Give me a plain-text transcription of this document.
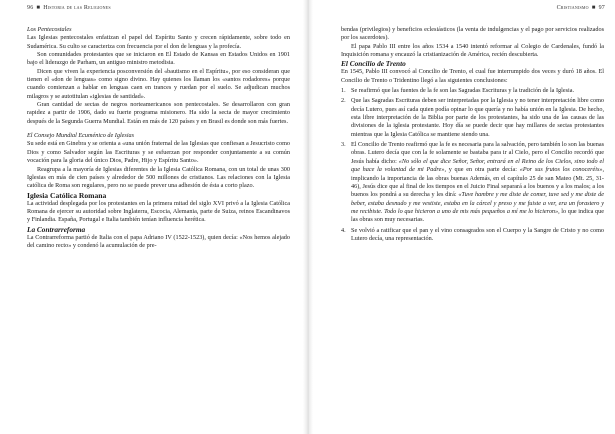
96 ■ Historia de las Religiones

Los Pentecostales

Las Iglesias pentecostales enfatizan el papel del Espíritu Santo y crecen rápidamente, sobre todo en Sudamérica. Su culto se caracteriza con frecuencia por el don de lenguas y la profecía.

Son comunidades protestantes que se iniciaron en El Estado de Kansas en Estados Unidos en 1901 bajo el liderazgo de Parham, un antiguo ministro metodista.

Dicen que viven la experiencia posconversión del «bautismo en el Espíritu», por eso consideran que tienen el «don de lenguas» como signo divino. Hay quienes los llaman los «santos rodadores» porque cuando comienzan a hablar en lenguas caen en trances y ruedan por el suelo. Se adjudican muchos milagros y se autotitulan «iglesias de santidad».

Gran cantidad de sectas de negros norteamericanos son pentecostales. Se desarrollaron con gran rapidez a partir de 1906, dado su fuerte programa misionero. Ha sido la secta de mayor crecimiento después de la Segunda Guerra Mundial. Están en más de 120 países y en Brasil es donde son más fuertes.

El Consejo Mundial Ecuménico de Iglesias

Su sede está en Ginebra y se orienta a «una unión fraternal de las Iglesias que confiesan a Jesucristo como Dios y como Salvador según las Escrituras y se esfuerzan por responder conjuntamente a su común vocación para la gloria del único Dios, Padre, Hijo y Espíritu Santo».

Reagrupa a la mayoría de Iglesias diferentes de la Iglesia Católica Romana, con un total de unas 300 Iglesias en más de cien países y alrededor de 500 millones de cristianos. Las relaciones con la Iglesia católica de Roma son regulares, pero no se puede prever una adhesión de ésta a corto plazo.

Iglesia Católica Romana

La actividad desplegada por los protestantes en la primera mitad del siglo XVI privó a la Iglesia Católica Romana de ejercer su autoridad sobre Inglaterra, Escocia, Alemania, parte de Suiza, reinos Escandinavos y Finlandia. España, Portugal e Italia también tenían influencia herética.

La Contrarreforma

La Contrarreforma partió de Italia con el papa Adriano IV (1522-1523), quien decía: «Nos hemos alejado del camino recto» y condenó la acumulación de pre-

Cristianismo ■ 97

bendas (privilegios) y beneficios eclesiásticos (la venta de indulgencias y el pago por servicios realizados por los sacerdotes).

El papa Pablo III entre los años 1534 a 1540 intentó reformar al Colegio de Cardenales, fundó la Inquisición romana y encauzó la cristianización de América, recién descubierta.

El Concilio de Trento

En 1545, Pablo III convocó al Concilio de Trento, el cual fue interrumpido dos veces y duró 18 años. El Concilio de Trento o Tridentino llegó a las siguientes conclusiones:

1. Se reafirmó que las fuentes de la fe son las Sagradas Escrituras y la tradición de la Iglesia.
2. Que las Sagradas Escrituras deben ser interpretadas por la Iglesia y no tener interpretación libre como decía Lutero, pues así cada quien podía opinar lo que quería y no había unión en la Iglesia. De hecho, esta libre interpretación de la Biblia por parte de los protestantes, ha sido una de las causas de las divisiones de la iglesia protestante. Hoy día se puede decir que hay millares de sectas protestantes mientras que la Iglesia Católica se mantiene siendo una.
3. El Concilio de Trento reafirmó que la fe es necesaria para la salvación, pero también lo son las buenas obras. Lutero decía que con la fe solamente se bastaba para ir al Cielo, pero el Concilio recordó que Jesús había dicho: «No sólo el que dice Señor, Señor, entrará en el Reino de los Cielos, sino todo el que hace la voluntad de mi Padre», y que en otra parte decía: «Por sus frutos los conoceréis», implicando la importancia de las obras buenas Además, en el capítulo 25 de san Mateo (Mt. 25, 31-46), Jesús dice que al final de los tiempos en el Juicio Final separará a los buenos y a los malos; a los buenos los pondrá a su derecha y les dirá: «Tuve hambre y me diste de comer, tuve sed y me diste de beber, estaba desnudo y me vestiste, estaba en la cárcel y preso y me fuiste a ver, era un forastero y me recibiste. Todo lo que hicieron a uno de mis más pequeños a mí me lo hicieron», lo que indica que las obras son muy necesarias.
4. Se volvió a ratificar que el pan y el vino consagrados son el Cuerpo y la Sangre de Cristo y no como Lutero decía, una representación.
